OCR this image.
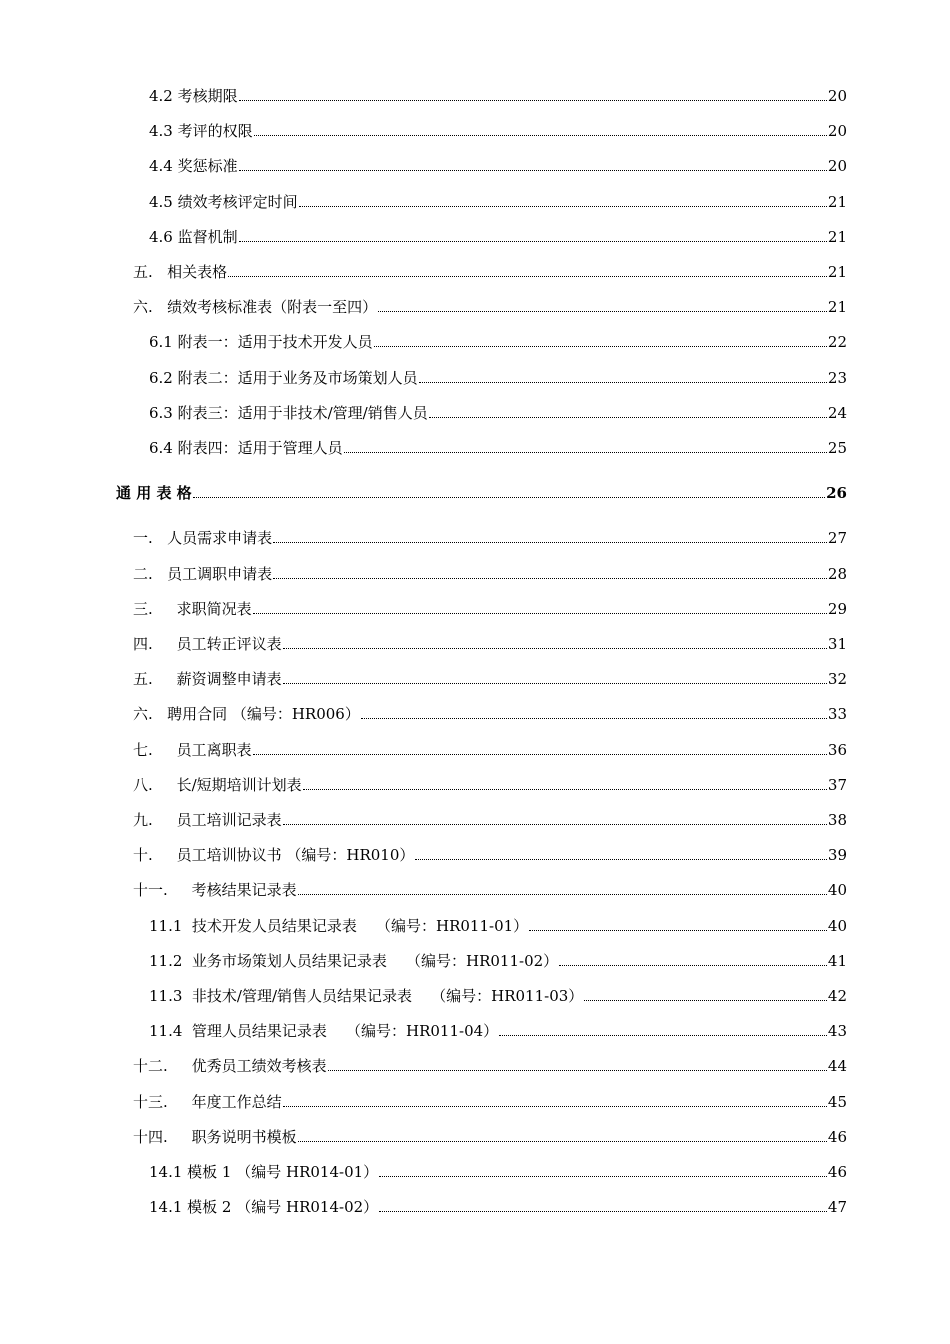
4.2 考核期限	20
4.3 考评的权限	20
4.4 奖惩标准	20
4.5 绩效考核评定时间	21
4.6 监督机制	21
五.   相关表格	21
六.   绩效考核标准表（附表一至四）	21
6.1 附表一：适用于技术开发人员	22
6.2 附表二：适用于业务及市场策划人员	23
6.3 附表三：适用于非技术/管理/销售人员	24
6.4 附表四：适用于管理人员	25
通 用 表 格	26
一.   人员需求申请表	27
二.   员工调职申请表	28
三.     求职简况表	29
四.     员工转正评议表	31
五.     薪资调整申请表	32
六.   聘用合同 （编号：HR006）	33
七.     员工离职表	36
八.     长/短期培训计划表	37
九.     员工培训记录表	38
十.     员工培训协议书 （编号：HR010）	39
十一.     考核结果记录表	40
11.1  技术开发人员结果记录表    （编号：HR011-01）	40
11.2  业务市场策划人员结果记录表    （编号：HR011-02）	41
11.3  非技术/管理/销售人员结果记录表    （编号：HR011-03）	42
11.4  管理人员结果记录表    （编号：HR011-04）	43
十二.     优秀员工绩效考核表	44
十三.     年度工作总结	45
十四.     职务说明书模板	46
14.1 模板 1 （编号 HR014-01）	46
14.1 模板 2 （编号 HR014-02）	47
